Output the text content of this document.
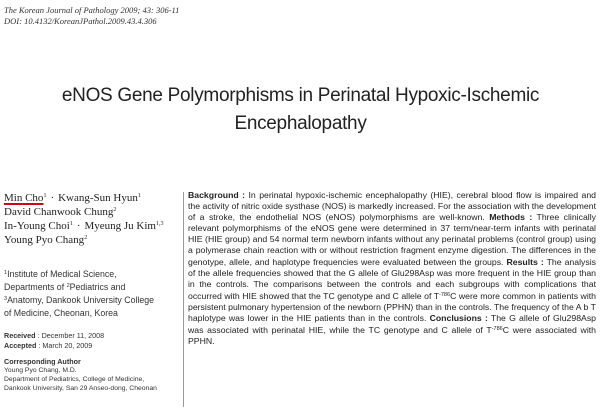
The Korean Journal of Pathology 2009; 43: 306-11
DOI: 10.4132/KoreanJPathol.2009.43.4.306
eNOS Gene Polymorphisms in Perinatal Hypoxic-Ischemic
Encephalopathy
Min Cho$^1$ · Kwang-Sun Hyun$^1$
David Chanwook Chung$^2$
In-Young Choi$^1$ · Myeung Ju Kim$^{1,3}$
Young Pyo Chang$^2$
$^1$Institute of Medical Science,
Departments of $^2$Pediatrics and
$^3$Anatomy, Dankook University College
of Medicine, Cheonan, Korea
Received : December 11, 2008
Accepted : March 20, 2009
Corresponding Author
Young Pyo Chang, M.D.
Department of Pediatrics, College of Medicine,
Dankook University, San 29 Anseo-dong, Cheonan
Background : In perinatal hypoxic-ischemic encephalopathy (HIE), cerebral blood flow is impaired and the activity of nitric oxide systhase (NOS) is markedly increased. For the association with the development of a stroke, the endothelial NOS (eNOS) polymorphisms are well-known. Methods : Three clinically relevant polymorphisms of the eNOS gene were determined in 37 term/near-term infants with perinatal HIE (HIE group) and 54 normal term newborn infants without any perinatal problems (control group) using a polymerase chain reaction with or without restriction fragment enzyme digestion. The differences in the genotype, allele, and haplotype frequencies were evaluated between the groups. Results : The analysis of the allele frequencies showed that the G allele of Glu298Asp was more frequent in the HIE group than in the controls. The comparisons between the controls and each subgroups with complications that occurred with HIE showed that the TC genotype and C allele of $T^{-786}C$ were more common in patients with persistent pulmonary hypertension of the newborn (PPHN) than in the controls. The frequency of the A b T haplotype was lower in the HIE patients than in the controls. Conclusions : The G allele of Glu298Asp was associated with perinatal HIE, while the TC genotype and C allele of $T^{-786}C$ were associated with PPHN.
